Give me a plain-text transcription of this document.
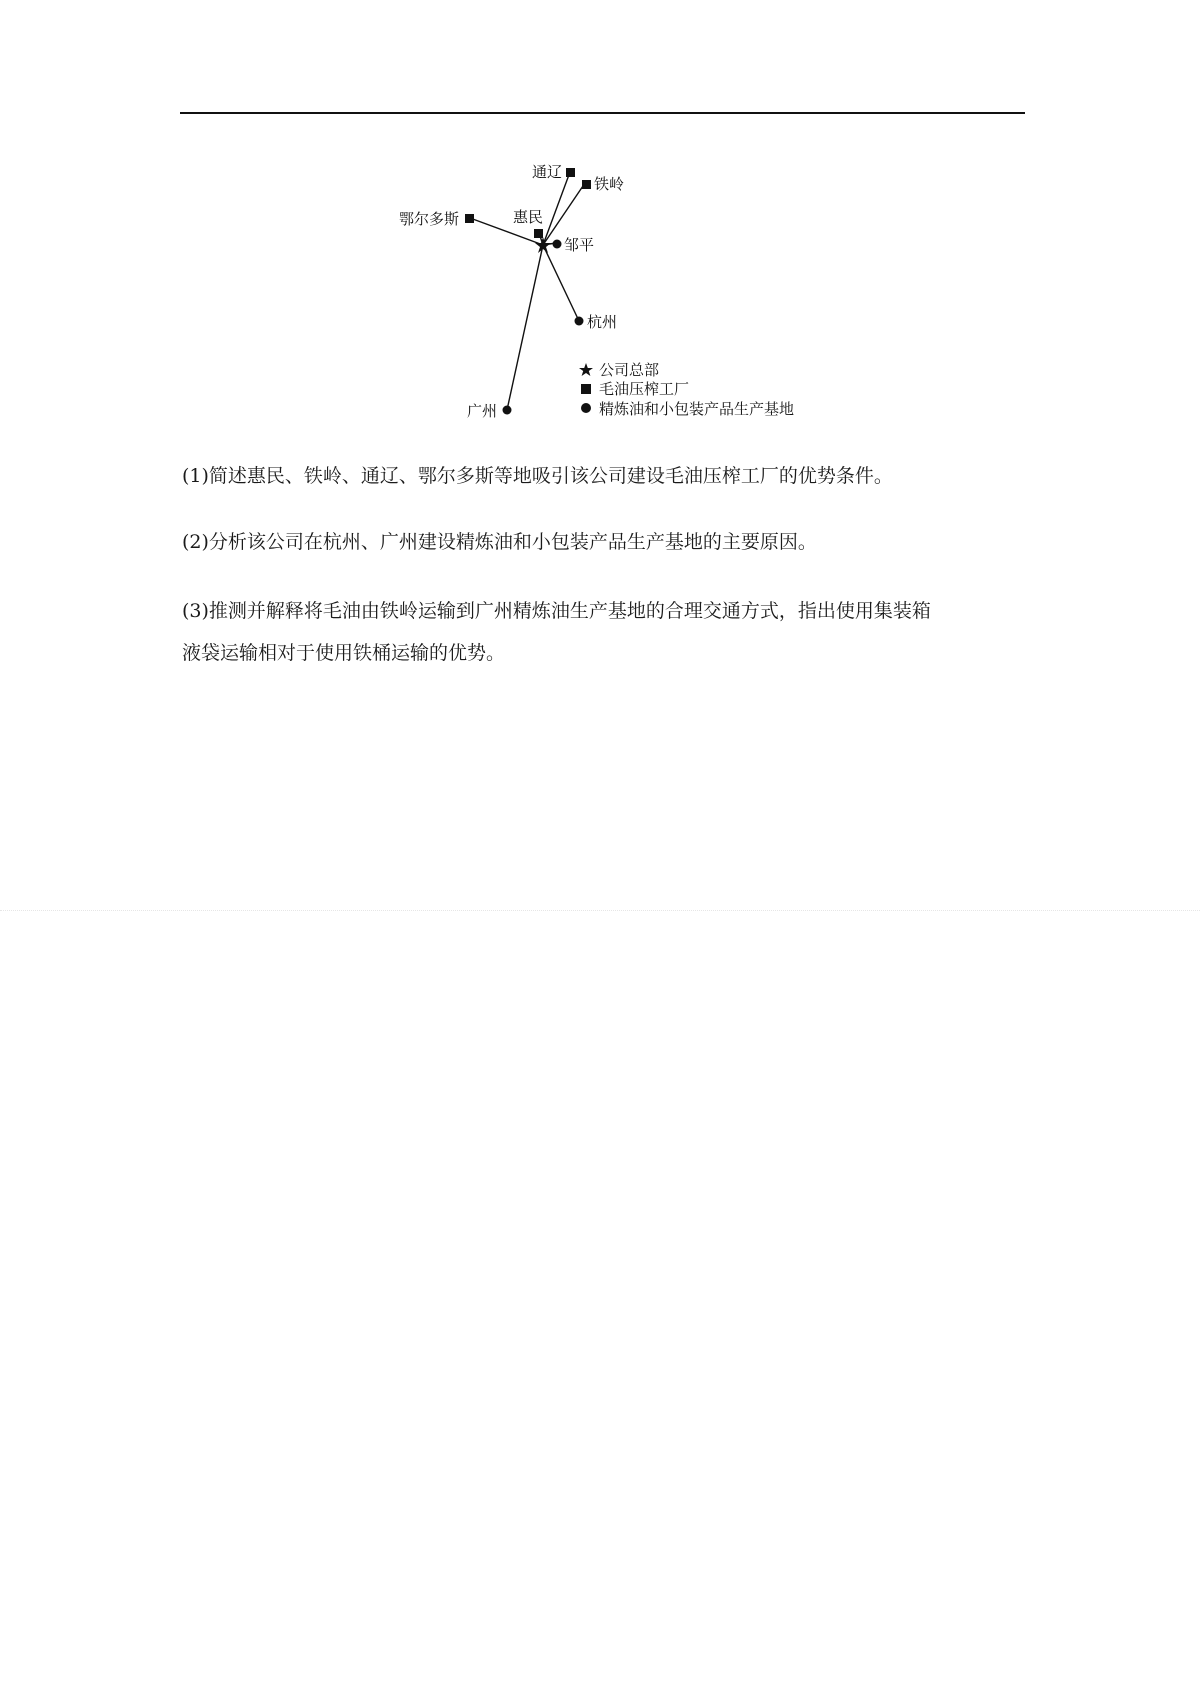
通辽
铁岭
鄂尔多斯	惠民
邹平
杭州
广州
公司总部
毛油压榨工厂
精炼油和小包装产品生产基地

(1)简述惠民、铁岭、通辽、鄂尔多斯等地吸引该公司建设毛油压榨工厂的优势条件。

(2)分析该公司在杭州、广州建设精炼油和小包装产品生产基地的主要原因。

(3)推测并解释将毛油由铁岭运输到广州精炼油生产基地的合理交通方式，指出使用集装箱
液袋运输相对于使用铁桶运输的优势。
